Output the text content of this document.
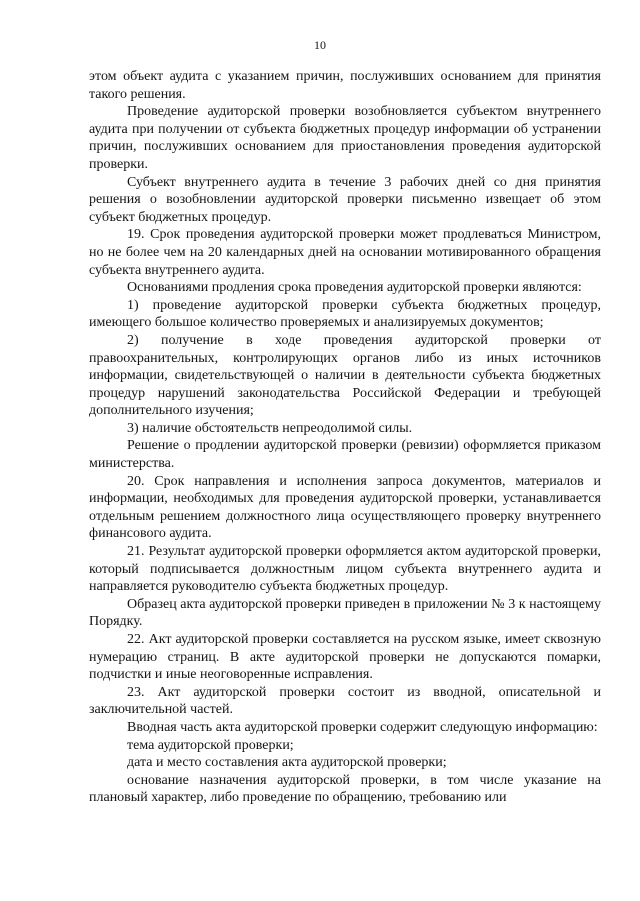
10

этом объект аудита с указанием причин, послуживших основанием для принятия такого решения.

Проведение аудиторской проверки возобновляется субъектом внутреннего аудита при получении от субъекта бюджетных процедур информации об устранении причин, послуживших основанием для приостановления проведения аудиторской проверки.

Субъект внутреннего аудита в течение 3 рабочих дней со дня принятия решения о возобновлении аудиторской проверки письменно извещает об этом субъект бюджетных процедур.

19. Срок проведения аудиторской проверки может продлеваться Министром, но не более чем на 20 календарных дней на основании мотивированного обращения субъекта внутреннего аудита.

Основаниями продления срока проведения аудиторской проверки являются:

1) проведение аудиторской проверки субъекта бюджетных процедур, имеющего большое количество проверяемых и анализируемых документов;

2) получение в ходе проведения аудиторской проверки от правоохранительных, контролирующих органов либо из иных источников информации, свидетельствующей о наличии в деятельности субъекта бюджетных процедур нарушений законодательства Российской Федерации и требующей дополнительного изучения;

3) наличие обстоятельств непреодолимой силы.

Решение о продлении аудиторской проверки (ревизии) оформляется приказом министерства.

20. Срок направления и исполнения запроса документов, материалов и информации, необходимых для проведения аудиторской проверки, устанавливается отдельным решением должностного лица осуществляющего проверку внутреннего финансового аудита.

21. Результат аудиторской проверки оформляется актом аудиторской проверки, который подписывается должностным лицом субъекта внутреннего аудита и направляется руководителю субъекта бюджетных процедур.

Образец акта аудиторской проверки приведен в приложении № 3 к настоящему Порядку.

22. Акт аудиторской проверки составляется на русском языке, имеет сквозную нумерацию страниц. В акте аудиторской проверки не допускаются помарки, подчистки и иные неоговоренные исправления.

23. Акт аудиторской проверки состоит из вводной, описательной и заключительной частей.

Вводная часть акта аудиторской проверки содержит следующую информацию:

тема аудиторской проверки;

дата и место составления акта аудиторской проверки;

основание назначения аудиторской проверки, в том числе указание на плановый характер, либо проведение по обращению, требованию или
